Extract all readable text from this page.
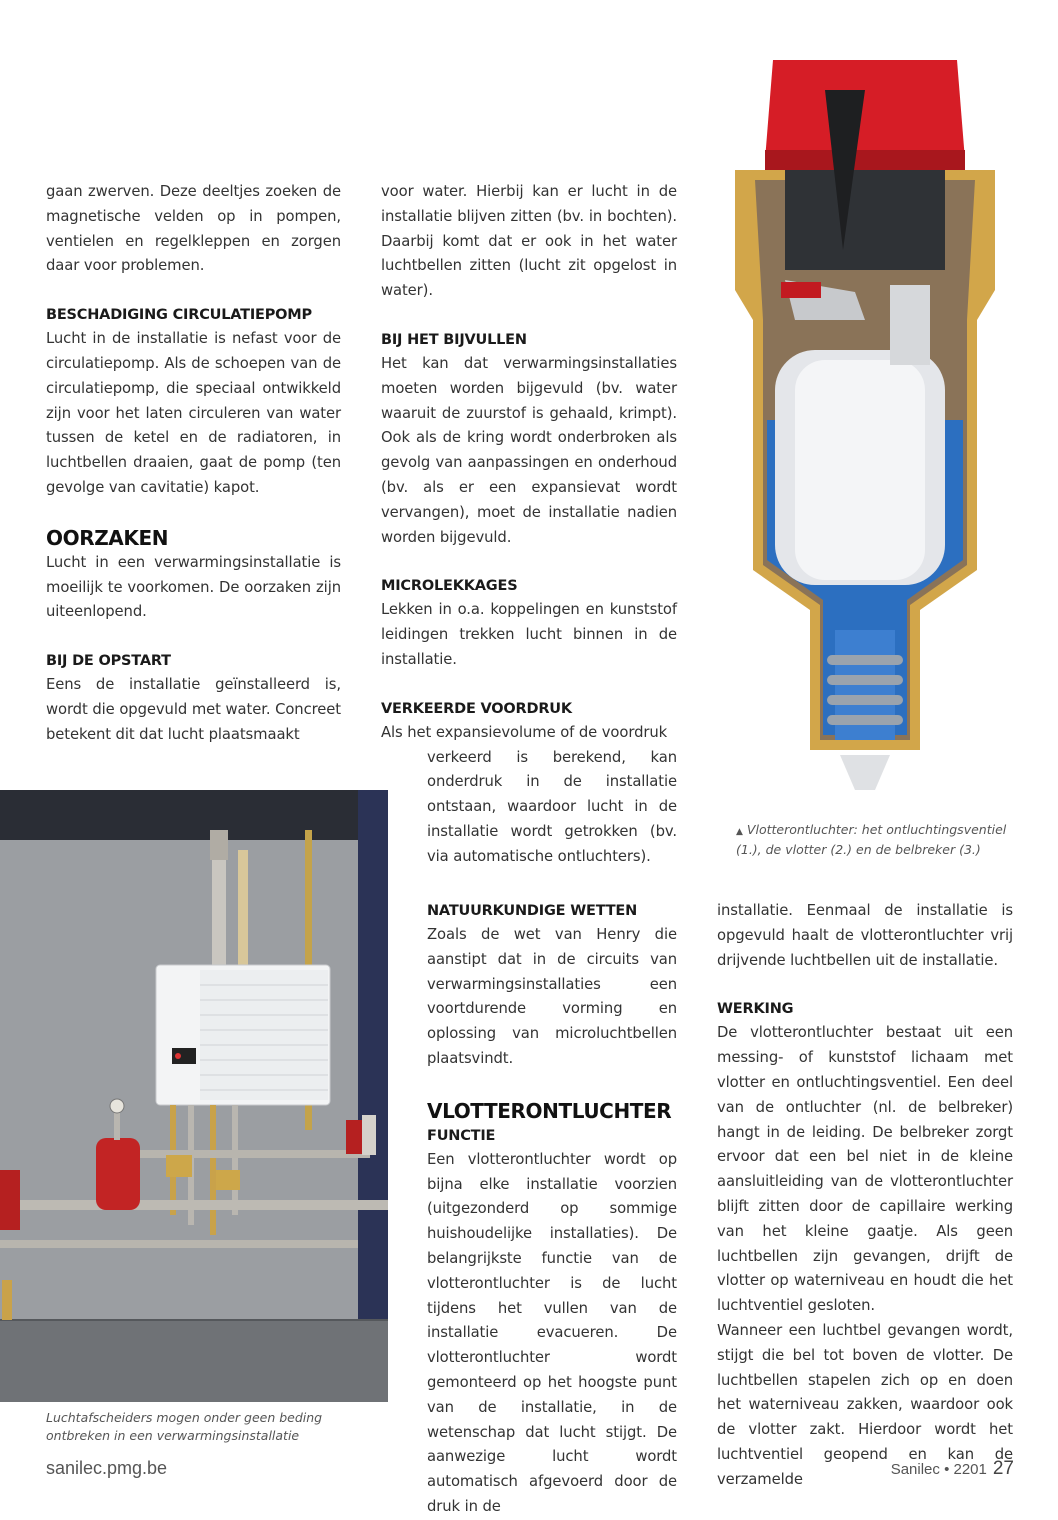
gaan zwerven. Deze deeltjes zoeken de magnetische velden op in pompen, ventielen en regelkleppen en zorgen daar voor problemen.

BESCHADIGING CIRCULATIEPOMP

Lucht in de installatie is nefast voor de circulatiepomp. Als de schoepen van de circulatiepomp, die speciaal ontwikkeld zijn voor het laten circuleren van water tussen de ketel en de radiatoren, in luchtbellen draaien, gaat de pomp (ten gevolge van cavitatie) kapot.

OORZAKEN

Lucht in een verwarmingsinstallatie is moeilijk te voorkomen. De oorzaken zijn uiteenlopend.

BIJ DE OPSTART

Eens de installatie geïnstalleerd is, wordt die opgevuld met water. Concreet betekent dit dat lucht plaatsmaakt

Luchtafscheiders mogen onder geen beding ontbreken in een verwarmingsinstallatie

voor water. Hierbij kan er lucht in de installatie blijven zitten (bv. in bochten). Daarbij komt dat er ook in het water luchtbellen zitten (lucht zit opgelost in water).

BIJ HET BIJVULLEN

Het kan dat verwarmingsinstallaties moeten worden bijgevuld (bv. water waaruit de zuurstof is gehaald, krimpt). Ook als de kring wordt onderbroken als gevolg van aanpassingen en onderhoud (bv. als er een expansievat wordt vervangen), moet de installatie nadien worden bijgevuld.

MICROLEKKAGES

Lekken in o.a. koppelingen en kunststof leidingen trekken lucht binnen in de installatie.

VERKEERDE VOORDRUK

Als het expansievolume of de voordruk

verkeerd is berekend, kan onderdruk in de installatie ontstaan, waardoor lucht in de installatie wordt getrokken (bv. via automatische ontluchters).

NATUURKUNDIGE WETTEN

Zoals de wet van Henry die aanstipt dat in de circuits van verwarmingsinstallaties een voortdurende vorming en oplossing van microluchtbellen plaatsvindt.

VLOTTERONTLUCHTER
FUNCTIE

Een vlotterontluchter wordt op bijna elke installatie voorzien (uitgezonderd op sommige huishoudelijke installaties). De belangrijkste functie van de vlotterontluchter is de lucht tijdens het vullen van de installatie evacueren. De vlotterontluchter wordt gemonteerd op het hoogste punt van de installatie, in de wetenschap dat lucht stijgt. De aanwezige lucht wordt automatisch afgevoerd door de druk in de

▲ Vlotterontluchter: het ontluchtingsventiel (1.), de vlotter (2.) en de belbreker (3.)

installatie. Eenmaal de installatie is opgevuld haalt de vlotterontluchter vrij drijvende luchtbellen uit de installatie.

WERKING

De vlotterontluchter bestaat uit een messing- of kunststof lichaam met vlotter en ontluchtingsventiel. Een deel van de ontluchter (nl. de belbreker) hangt in de leiding. De belbreker zorgt ervoor dat een bel niet in de kleine aansluitleiding van de vlotterontluchter blijft zitten door de capillaire werking van het kleine gaatje. Als geen luchtbellen zijn gevangen, drijft de vlotter op waterniveau en houdt die het luchtventiel gesloten.

Wanneer een luchtbel gevangen wordt, stijgt die bel tot boven de vlotter. De luchtbellen stapelen zich op en doen het waterniveau zakken, waardoor ook de vlotter zakt. Hierdoor wordt het luchtventiel geopend en kan de verzamelde

sanilec.pmg.be	Sanilec • 2201 27
